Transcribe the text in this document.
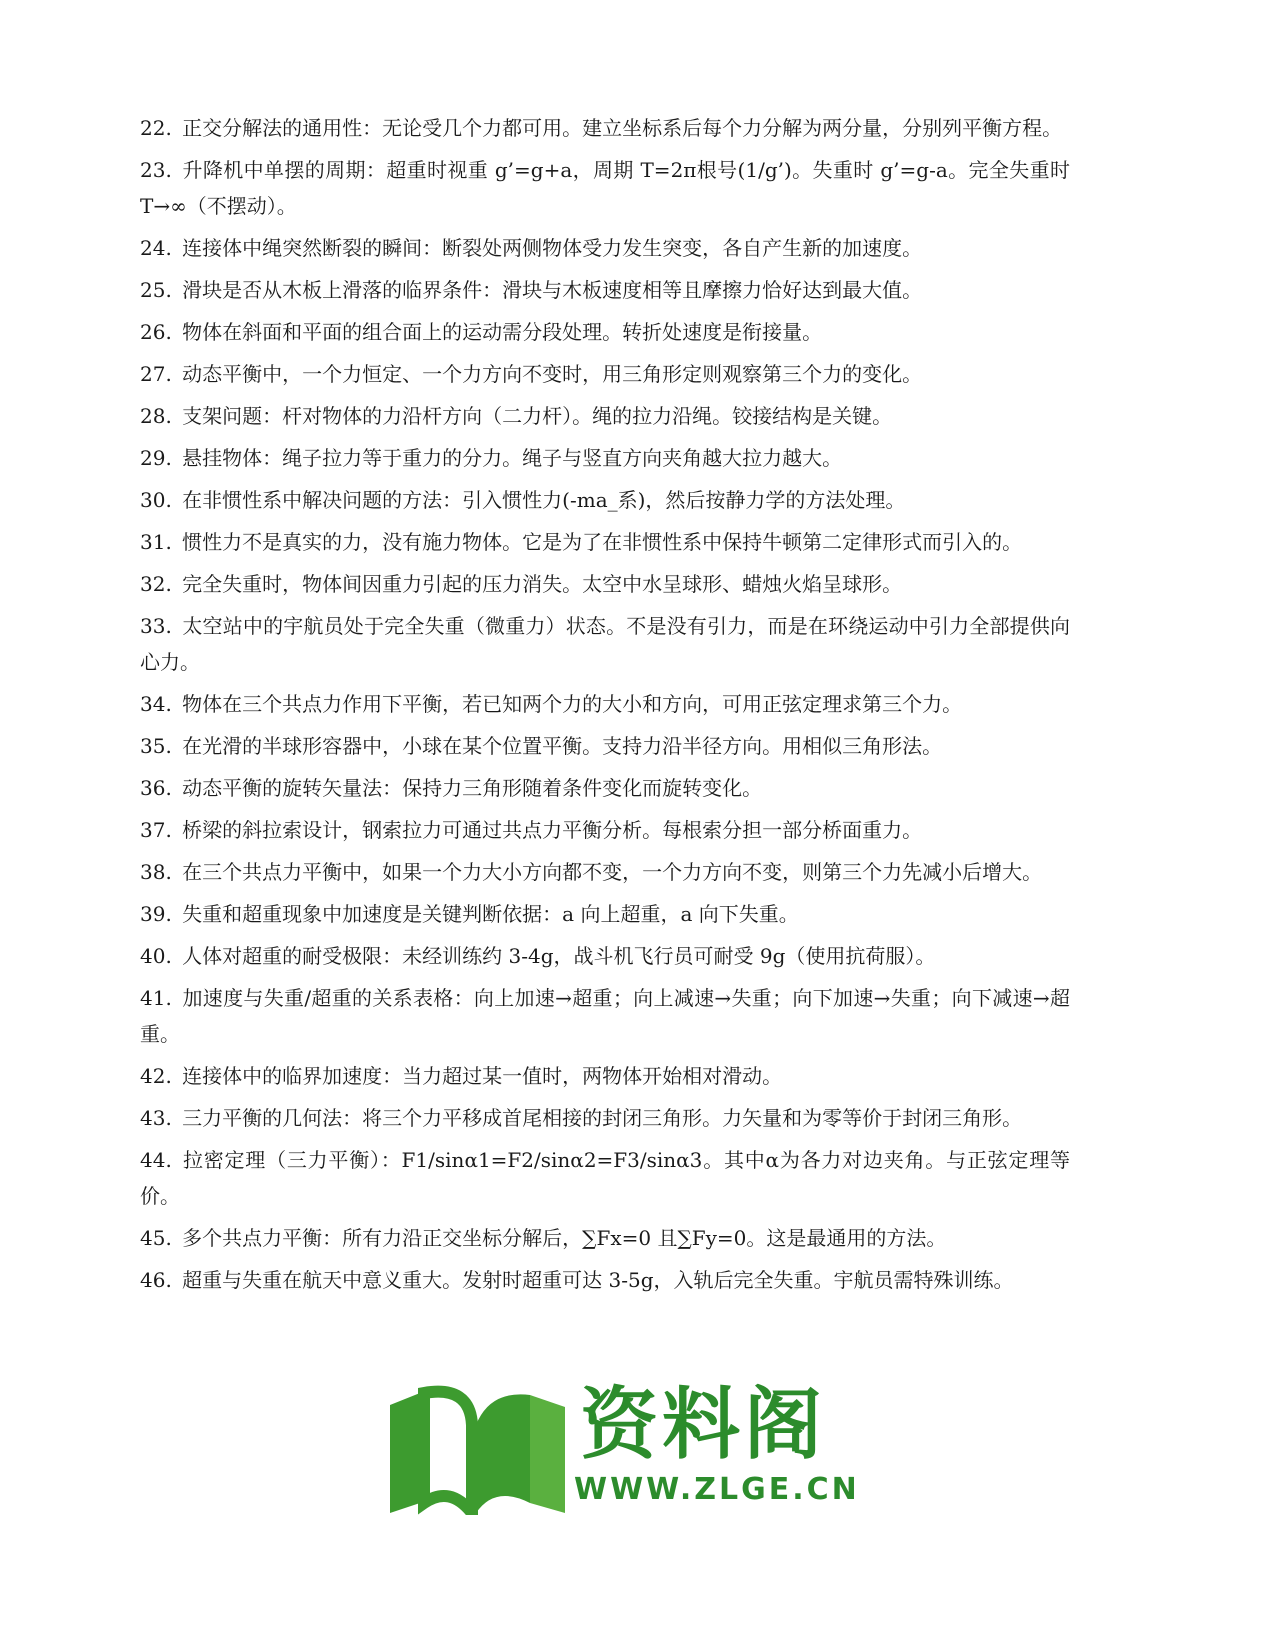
22. 正交分解法的通用性：无论受几个力都可用。建立坐标系后每个力分解为两分量，分别列平衡方程。
23. 升降机中单摆的周期：超重时视重 g’=g+a，周期 T=2π根号(1/g’)。失重时 g’=g-a。完全失重时 T→∞（不摆动）。
24. 连接体中绳突然断裂的瞬间：断裂处两侧物体受力发生突变，各自产生新的加速度。
25. 滑块是否从木板上滑落的临界条件：滑块与木板速度相等且摩擦力恰好达到最大值。
26. 物体在斜面和平面的组合面上的运动需分段处理。转折处速度是衔接量。
27. 动态平衡中，一个力恒定、一个力方向不变时，用三角形定则观察第三个力的变化。
28. 支架问题：杆对物体的力沿杆方向（二力杆）。绳的拉力沿绳。铰接结构是关键。
29. 悬挂物体：绳子拉力等于重力的分力。绳子与竖直方向夹角越大拉力越大。
30. 在非惯性系中解决问题的方法：引入惯性力(-ma_系)，然后按静力学的方法处理。
31. 惯性力不是真实的力，没有施力物体。它是为了在非惯性系中保持牛顿第二定律形式而引入的。
32. 完全失重时，物体间因重力引起的压力消失。太空中水呈球形、蜡烛火焰呈球形。
33. 太空站中的宇航员处于完全失重（微重力）状态。不是没有引力，而是在环绕运动中引力全部提供向心力。
34. 物体在三个共点力作用下平衡，若已知两个力的大小和方向，可用正弦定理求第三个力。
35. 在光滑的半球形容器中，小球在某个位置平衡。支持力沿半径方向。用相似三角形法。
36. 动态平衡的旋转矢量法：保持力三角形随着条件变化而旋转变化。
37. 桥梁的斜拉索设计，钢索拉力可通过共点力平衡分析。每根索分担一部分桥面重力。
38. 在三个共点力平衡中，如果一个力大小方向都不变，一个力方向不变，则第三个力先减小后增大。
39. 失重和超重现象中加速度是关键判断依据：a 向上超重，a 向下失重。
40. 人体对超重的耐受极限：未经训练约 3-4g，战斗机飞行员可耐受 9g（使用抗荷服）。
41. 加速度与失重/超重的关系表格：向上加速→超重；向上减速→失重；向下加速→失重；向下减速→超重。
42. 连接体中的临界加速度：当力超过某一值时，两物体开始相对滑动。
43. 三力平衡的几何法：将三个力平移成首尾相接的封闭三角形。力矢量和为零等价于封闭三角形。
44. 拉密定理（三力平衡）：F1/sinα1=F2/sinα2=F3/sinα3。其中α为各力对边夹角。与正弦定理等价。
45. 多个共点力平衡：所有力沿正交坐标分解后，∑Fx=0 且∑Fy=0。这是最通用的方法。
46. 超重与失重在航天中意义重大。发射时超重可达 3-5g，入轨后完全失重。宇航员需特殊训练。
资料阁
WWW.ZLGE.CN
